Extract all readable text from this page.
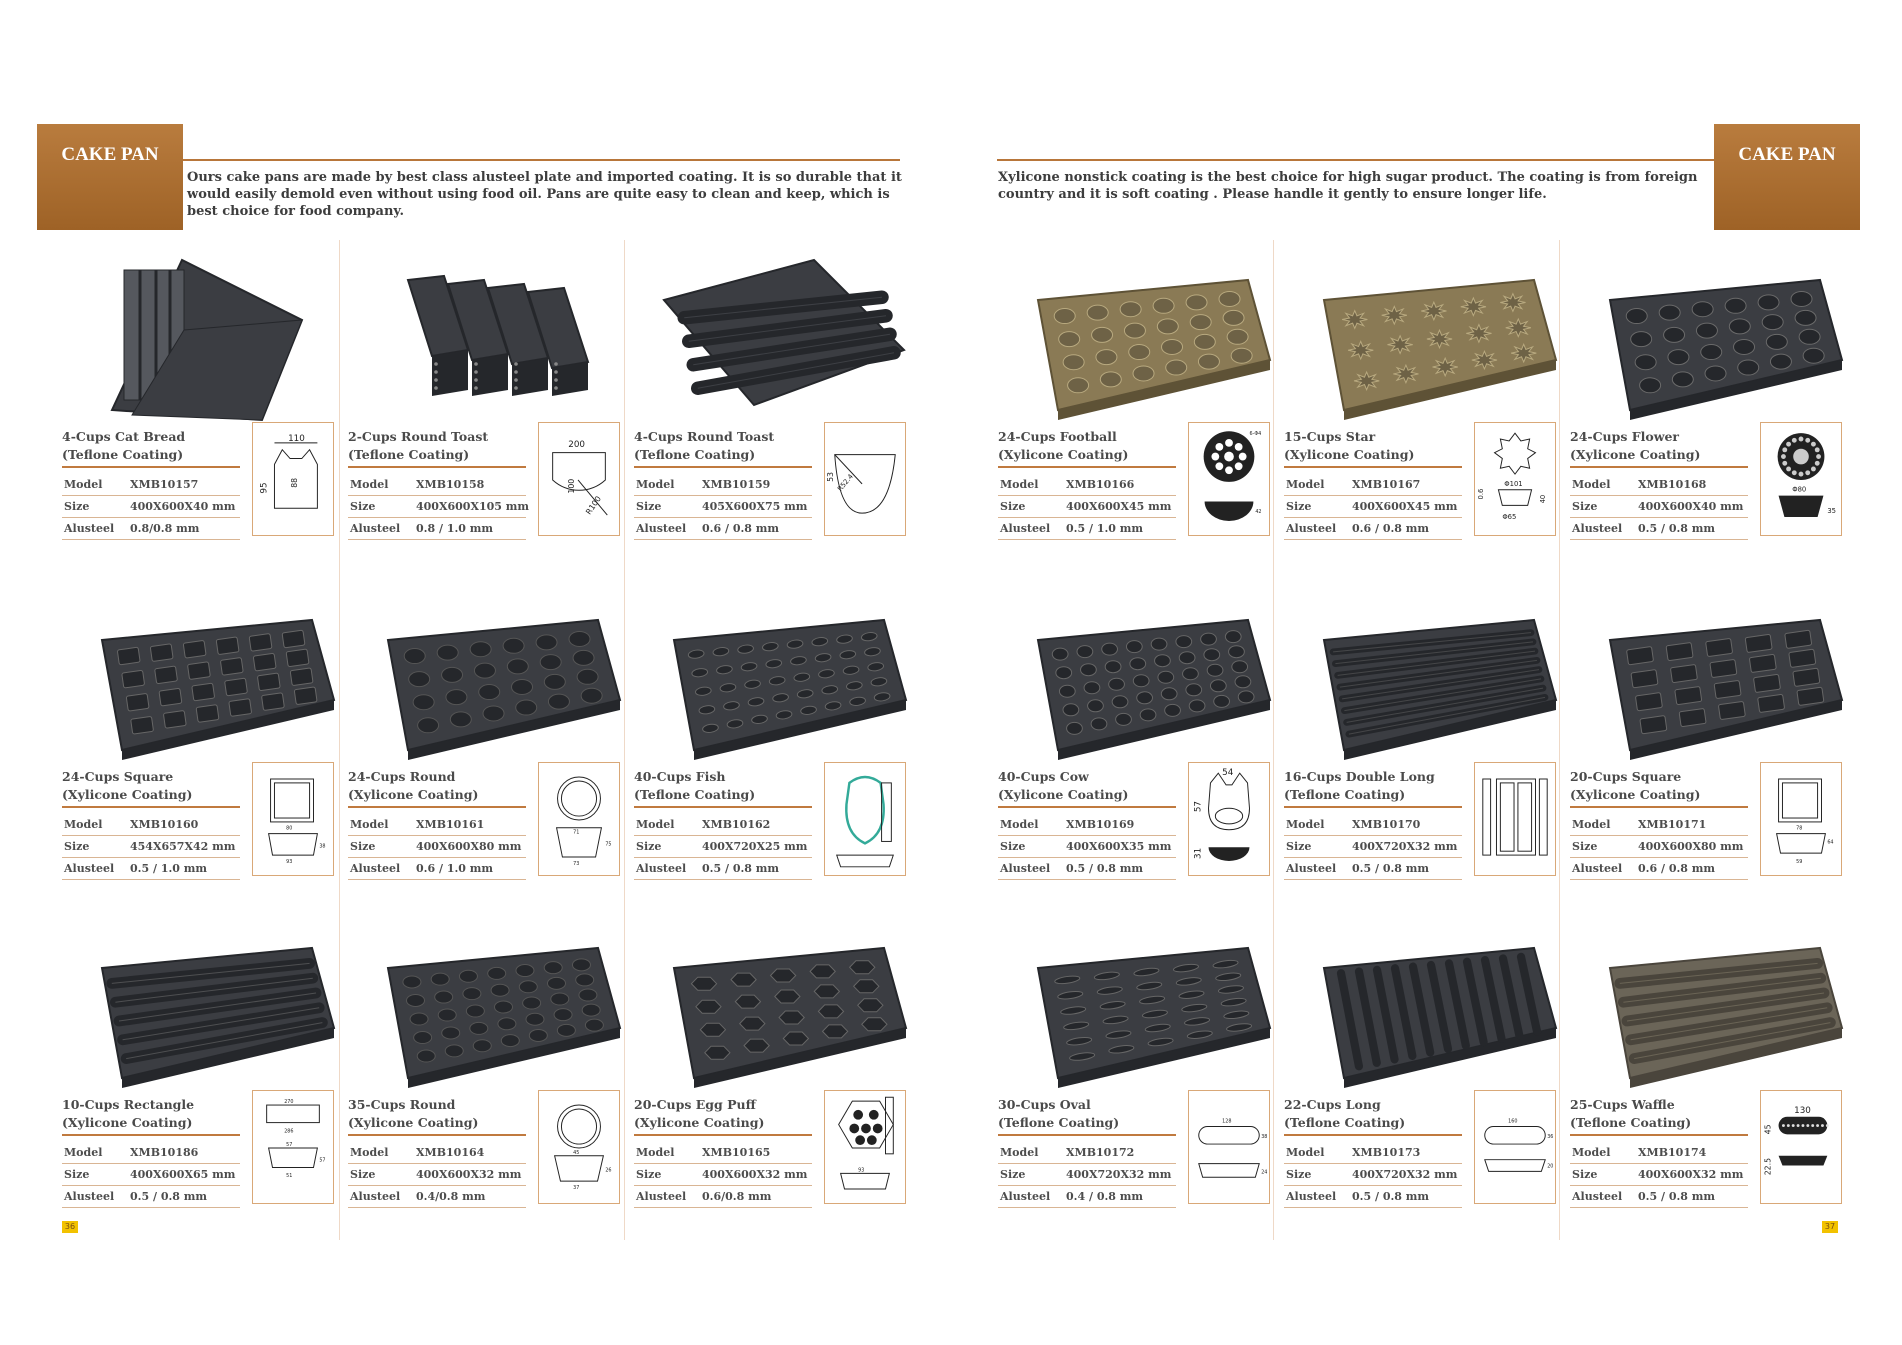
CAKE PAN
Ours cake pans are made by best class alusteel plate and imported coating. It is so durable that it would easily demold even without using food oil. Pans are quite easy to clean and keep, which is best choice for food company.
CAKE PAN
Xylicone nonstick coating is the best choice for high sugar product. The coating is from foreign country and it is soft coating . Please handle it gently to ensure longer life.
4-Cups Cat Bread
(Teflone Coating)
Model	XMB10157
Size	400X600X40 mm
Alusteel 0.8/0.8 mm
110
95	88
2-Cups Round Toast
(Teflone Coating)
Model	XMB10158
Size	400X600X105 mm
Alusteel 0.8 / 1.0 mm
200
100
R100
4-Cups Round Toast
(Teflone Coating)
Model	XMB10159
Size	405X600X75 mm
Alusteel 0.6 / 0.8 mm
53 R52.4
24-Cups Square
(Xylicone Coating)
Model	XMB10160
Size	454X657X42 mm
Alusteel 0.5 / 1.0 mm
80
38
93
24-Cups Round
(Xylicone Coating)
Model	XMB10161
Size	400X600X80 mm
Alusteel 0.6 / 1.0 mm
71
75
73
40-Cups Fish
(Teflone Coating)
Model	XMB10162
Size	400X720X25 mm
Alusteel 0.5 / 0.8 mm
10-Cups Rectangle
(Xylicone Coating)
Model	XMB10186
Size	400X600X65 mm
Alusteel 0.5 / 0.8 mm
270
286
57
57
51
35-Cups Round
(Xylicone Coating)
Model	XMB10164
Size	400X600X32 mm
Alusteel 0.4/0.8 mm
45
26
37
20-Cups Egg Puff
(Xylicone Coating)
Model	XMB10165
Size	400X600X32 mm
Alusteel 0.6/0.8 mm
93
24-Cups Football
(Xylicone Coating)
Model	XMB10166
Size	400X600X45 mm
Alusteel 0.5 / 1.0 mm
6-Φ4
42
15-Cups Star
(Xylicone Coating)
Model	XMB10167
Size	400X600X45 mm
Alusteel 0.6 / 0.8 mm
Φ101
Φ65
0.6	40
24-Cups Flower
(Xylicone Coating)
Model	XMB10168
Size	400X600X40 mm
Alusteel 0.5 / 0.8 mm
Φ80
35
40-Cups Cow
(Xylicone Coating)
Model	XMB10169
Size	400X600X35 mm
Alusteel 0.5 / 0.8 mm
54
57
31
16-Cups Double Long
(Teflone Coating)
Model	XMB10170
Size	400X720X32 mm
Alusteel 0.5 / 0.8 mm
20-Cups Square
(Xylicone Coating)
Model	XMB10171
Size	400X600X80 mm
Alusteel 0.6 / 0.8 mm
78
64
59
30-Cups Oval
(Teflone Coating)
Model	XMB10172
Size	400X720X32 mm
Alusteel 0.4 / 0.8 mm
128
38
24
22-Cups Long
(Teflone Coating)
Model	XMB10173
Size	400X720X32 mm
Alusteel 0.5 / 0.8 mm
160
36
20
25-Cups Waffle
(Teflone Coating)
Model	XMB10174
Size	400X600X32 mm
Alusteel 0.5 / 0.8 mm
130
45
22.5
36	37
